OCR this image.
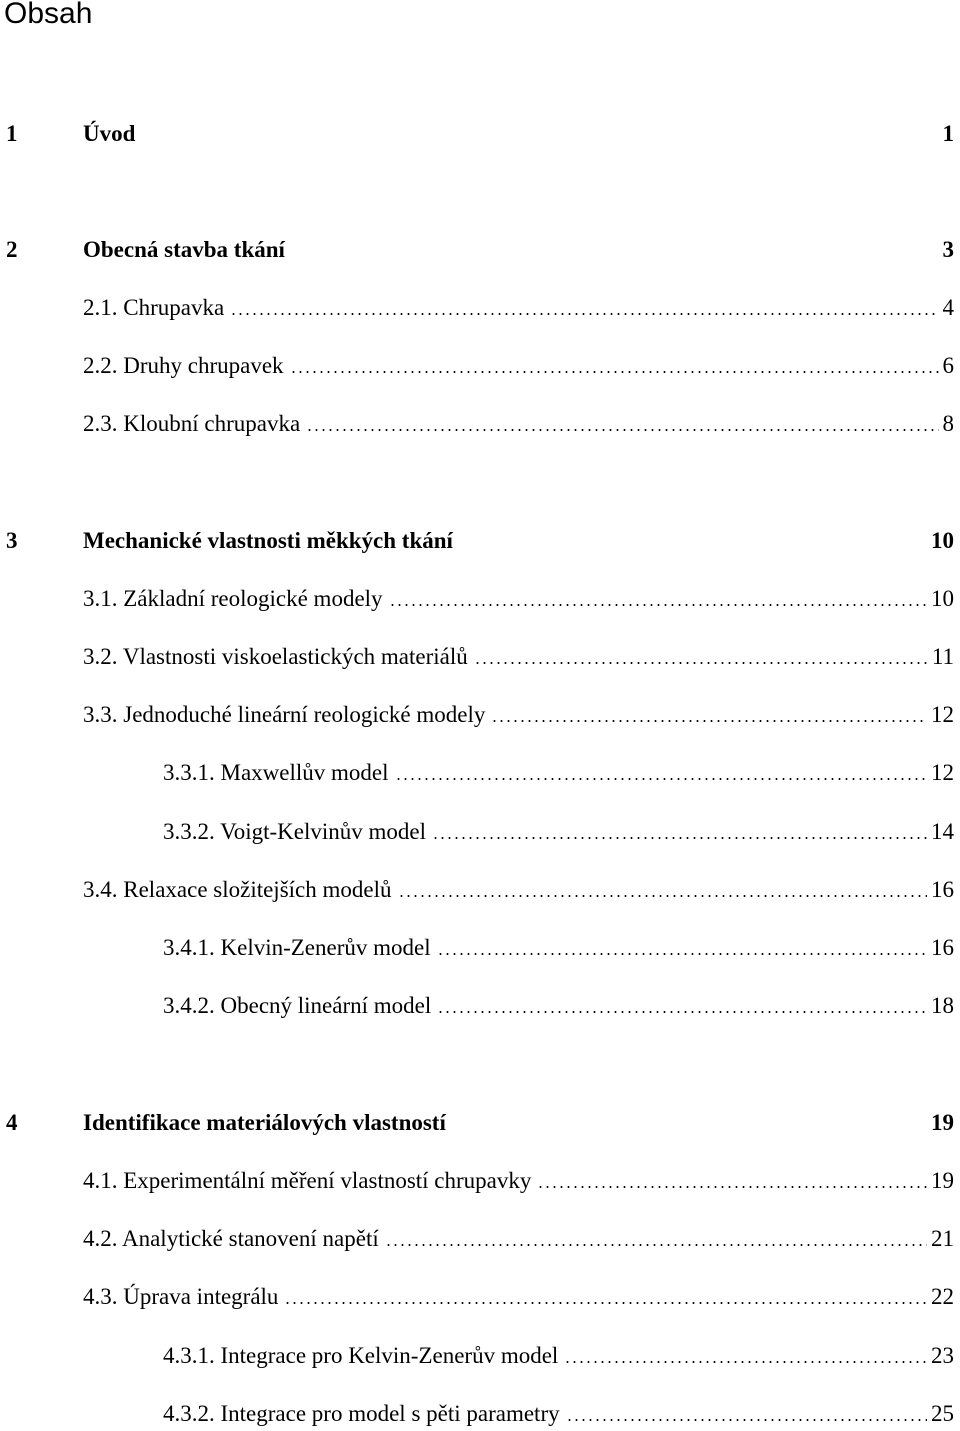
Obsah
1	Úvod	1
2	Obecná stavba tkání	3
2.1. Chrupavka	4
2.2. Druhy chrupavek	6
2.3. Kloubní chrupavka	8
3	Mechanické vlastnosti měkkých tkání	10
3.1. Základní reologické modely	10
3.2. Vlastnosti viskoelastických materiálů	11
3.3. Jednoduché lineární reologické modely	12
3.3.1. Maxwellův model	12
3.3.2. Voigt-Kelvinův model	14
3.4. Relaxace složitejších modelů	16
3.4.1. Kelvin-Zenerův model	16
3.4.2. Obecný lineární model	18
4	Identifikace materiálových vlastností	19
4.1. Experimentální měření vlastností chrupavky	19
4.2. Analytické stanovení napětí	21
4.3. Úprava integrálu	22
4.3.1. Integrace pro Kelvin-Zenerův model	23
4.3.2. Integrace pro model s pěti parametry	25
